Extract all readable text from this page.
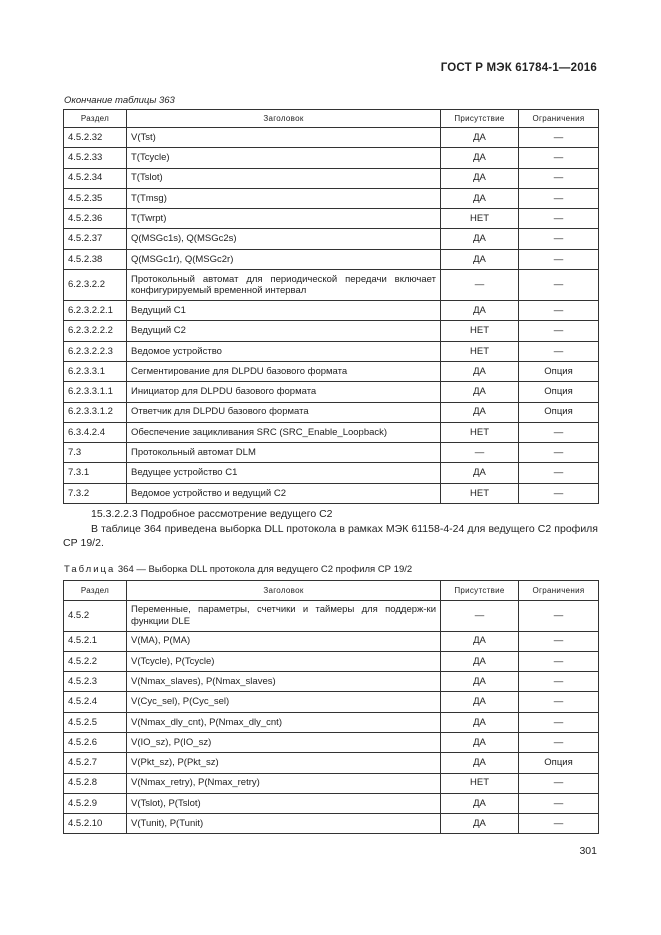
ГОСТ Р МЭК 61784-1—2016
Окончание таблицы 363
Раздел	Заголовок	Присутствие	Ограничения
4.5.2.32	V(Tst)	ДА	—
4.5.2.33	T(Tcycle)	ДА	—
4.5.2.34	T(Tslot)	ДА	—
4.5.2.35	T(Tmsg)	ДА	—
4.5.2.36	T(Twrpt)	НЕТ	—
4.5.2.37	Q(MSGc1s), Q(MSGc2s)	ДА	—
4.5.2.38	Q(MSGc1r), Q(MSGc2r)	ДА	—
6.2.3.2.2	Протокольный автомат для периодической передачи включает конфигурируемый временной интервал	—	—
6.2.3.2.2.1	Ведущий С1	ДА	—
6.2.3.2.2.2	Ведущий С2	НЕТ	—
6.2.3.2.2.3	Ведомое устройство	НЕТ	—
6.2.3.3.1	Сегментирование для DLPDU базового формата	ДА	Опция
6.2.3.3.1.1	Инициатор для DLPDU базового формата	ДА	Опция
6.2.3.3.1.2	Ответчик для DLPDU базового формата	ДА	Опция
6.3.4.2.4	Обеспечение зацикливания SRC (SRC_Enable_Loopback)	НЕТ	—
7.3	Протокольный автомат DLM	—	—
7.3.1	Ведущее устройство С1	ДА	—
7.3.2	Ведомое устройство и ведущий С2	НЕТ	—
15.3.2.2.3 Подробное рассмотрение ведущего С2
В таблице 364 приведена выборка DLL протокола в рамках МЭК 61158-4-24 для ведущего С2 профиля СР 19/2.
Таблица 364 — Выборка DLL протокола для ведущего С2 профиля СР 19/2
Раздел	Заголовок	Присутствие	Ограничения
4.5.2	Переменные, параметры, счетчики и таймеры для поддерж-ки функции DLE	—	—
4.5.2.1	V(MA), P(MA)	ДА	—
4.5.2.2	V(Tcycle), P(Tcycle)	ДА	—
4.5.2.3	V(Nmax_slaves), P(Nmax_slaves)	ДА	—
4.5.2.4	V(Cyc_sel), P(Cyc_sel)	ДА	—
4.5.2.5	V(Nmax_dly_cnt), P(Nmax_dly_cnt)	ДА	—
4.5.2.6	V(IO_sz), P(IO_sz)	ДА	—
4.5.2.7	V(Pkt_sz), P(Pkt_sz)	ДА	Опция
4.5.2.8	V(Nmax_retry), P(Nmax_retry)	НЕТ	—
4.5.2.9	V(Tslot), P(Tslot)	ДА	—
4.5.2.10	V(Tunit), P(Tunit)	ДА	—
301
